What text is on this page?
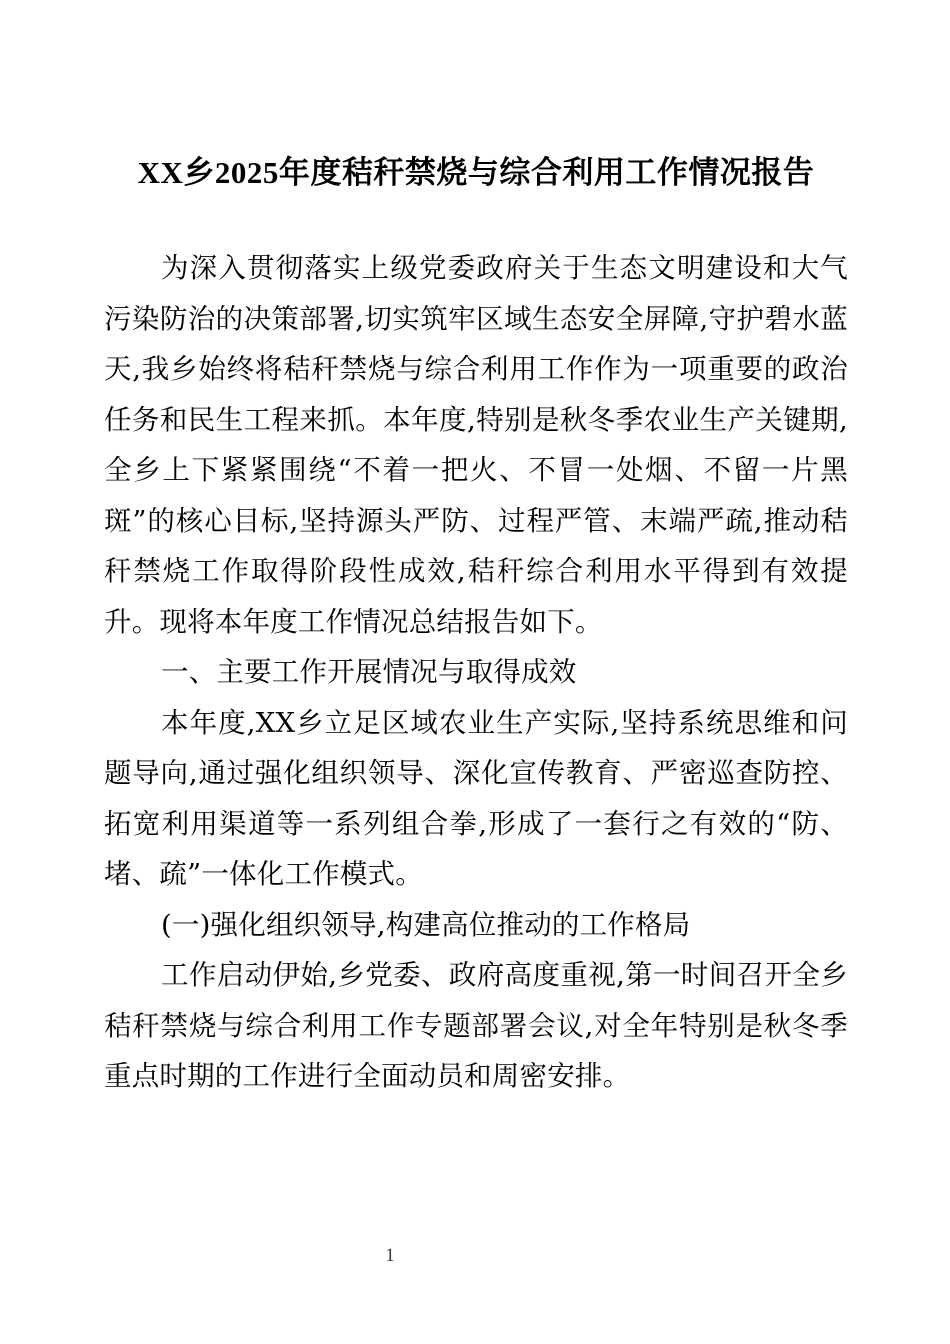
XX乡2025年度秸秆禁烧与综合利用工作情况报告

为深入贯彻落实上级党委政府关于生态文明建设和大气污染防治的决策部署,切实筑牢区域生态安全屏障,守护碧水蓝天,我乡始终将秸秆禁烧与综合利用工作作为一项重要的政治任务和民生工程来抓。本年度,特别是秋冬季农业生产关键期,全乡上下紧紧围绕“不着一把火、不冒一处烟、不留一片黑斑”的核心目标,坚持源头严防、过程严管、末端严疏,推动秸秆禁烧工作取得阶段性成效,秸秆综合利用水平得到有效提升。现将本年度工作情况总结报告如下。

一、主要工作开展情况与取得成效

本年度,XX乡立足区域农业生产实际,坚持系统思维和问题导向,通过强化组织领导、深化宣传教育、严密巡查防控、拓宽利用渠道等一系列组合拳,形成了一套行之有效的“防、堵、疏”一体化工作模式。

(一)强化组织领导,构建高位推动的工作格局

工作启动伊始,乡党委、政府高度重视,第一时间召开全乡秸秆禁烧与综合利用工作专题部署会议,对全年特别是秋冬季重点时期的工作进行全面动员和周密安排。

1
